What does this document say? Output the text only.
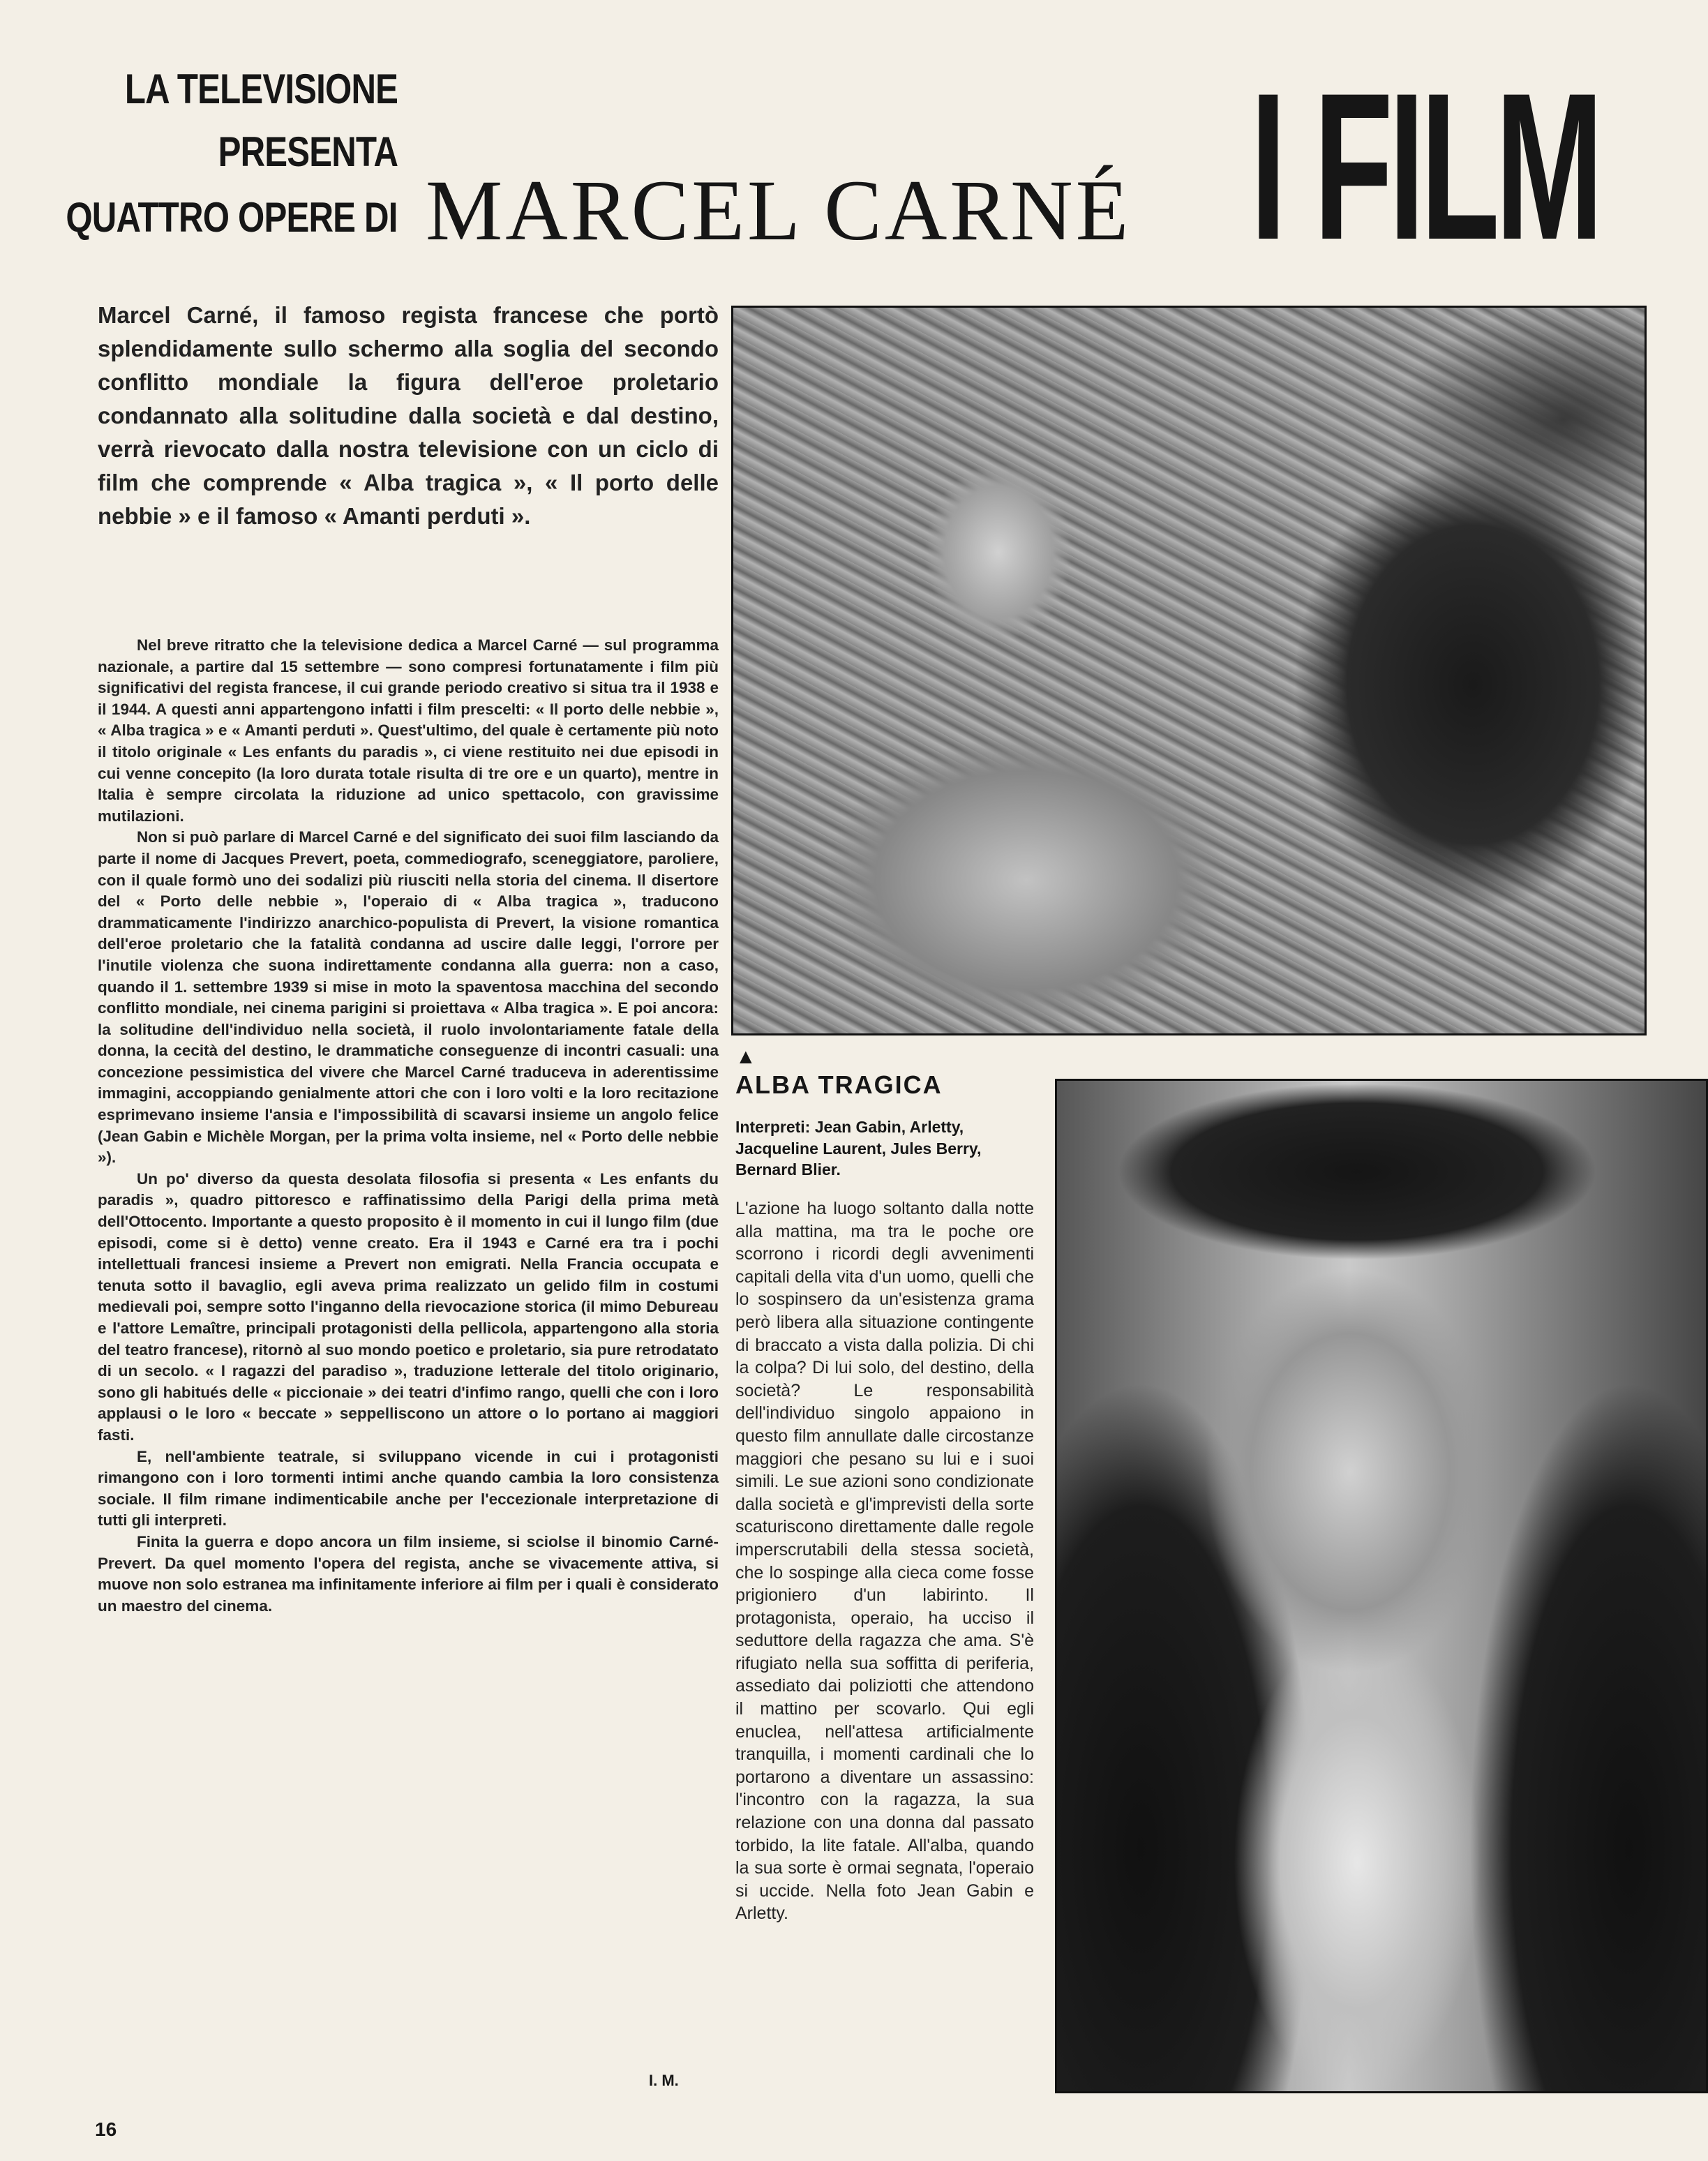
LA TELEVISIONE
PRESENTA
QUATTRO OPERE DI MARCEL CARNÉ I FILM
Marcel Carné, il famoso regista francese che portò splendidamente sullo schermo alla soglia del secondo conflitto mondiale la figura dell'eroe proletario condannato alla solitudine dalla società e dal destino, verrà rievocato dalla nostra televisione con un ciclo di film che comprende « Alba tragica », « Il porto delle nebbie » e il famoso « Amanti perduti ».

Nel breve ritratto che la televisione dedica a Marcel Carné — sul programma nazionale, a partire dal 15 settembre — sono compresi fortunatamente i film più significativi del regista francese, il cui grande periodo creativo si situa tra il 1938 e il 1944. A questi anni appartengono infatti i film prescelti: « Il porto delle nebbie », « Alba tragica » e « Amanti perduti ». Quest'ultimo, del quale è certamente più noto il titolo originale « Les enfants du paradis », ci viene restituito nei due episodi in cui venne concepito (la loro durata totale risulta di tre ore e un quarto), mentre in Italia è sempre circolata la riduzione ad unico spettacolo, con gravissime mutilazioni.

Non si può parlare di Marcel Carné e del significato dei suoi film lasciando da parte il nome di Jacques Prevert, poeta, commediografo, sceneggiatore, paroliere, con il quale formò uno dei sodalizi più riusciti nella storia del cinema. Il disertore del « Porto delle nebbie », l'operaio di « Alba tragica », traducono drammaticamente l'indirizzo anarchico-populista di Prevert, la visione romantica dell'eroe proletario che la fatalità condanna ad uscire dalle leggi, l'orrore per l'inutile violenza che suona indirettamente condanna alla guerra: non a caso, quando il 1. settembre 1939 si mise in moto la spaventosa macchina del secondo conflitto mondiale, nei cinema parigini si proiettava « Alba tragica ». E poi ancora: la solitudine dell'individuo nella società, il ruolo involontariamente fatale della donna, la cecità del destino, le drammatiche conseguenze di incontri casuali: una concezione pessimistica del vivere che Marcel Carné traduceva in aderentissime immagini, accoppiando genialmente attori che con i loro volti e la loro recitazione esprimevano insieme l'ansia e l'impossibilità di scavarsi insieme un angolo felice (Jean Gabin e Michèle Morgan, per la prima volta insieme, nel « Porto delle nebbie »).

Un po' diverso da questa desolata filosofia si presenta « Les enfants du paradis », quadro pittoresco e raffinatissimo della Parigi della prima metà dell'Ottocento. Importante a questo proposito è il momento in cui il lungo film (due episodi, come si è detto) venne creato. Era il 1943 e Carné era tra i pochi intellettuali francesi insieme a Prevert non emigrati. Nella Francia occupata e tenuta sotto il bavaglio, egli aveva prima realizzato un gelido film in costumi medievali poi, sempre sotto l'inganno della rievocazione storica (il mimo Debureau e l'attore Lemaître, principali protagonisti della pellicola, appartengono alla storia del teatro francese), ritornò al suo mondo poetico e proletario, sia pure retrodatato di un secolo. « I ragazzi del paradiso », traduzione letterale del titolo originario, sono gli habitués delle « piccionaie » dei teatri d'infimo rango, quelli che con i loro applausi o le loro « beccate » seppelliscono un attore o lo portano ai maggiori fasti.

E, nell'ambiente teatrale, si sviluppano vicende in cui i protagonisti rimangono con i loro tormenti intimi anche quando cambia la loro consistenza sociale. Il film rimane indimenticabile anche per l'eccezionale interpretazione di tutti gli interpreti.

Finita la guerra e dopo ancora un film insieme, si sciolse il binomio Carné-Prevert. Da quel momento l'opera del regista, anche se vivacemente attiva, si muove non solo estranea ma infinitamente inferiore ai film per i quali è considerato un maestro del cinema.

I. M.
16
▲
ALBA TRAGICA
Interpreti: Jean Gabin, Arletty, Jacqueline Laurent, Jules Berry, Bernard Blier.
L'azione ha luogo soltanto dalla notte alla mattina, ma tra le poche ore scorrono i ricordi degli avvenimenti capitali della vita d'un uomo, quelli che lo sospinsero da un'esistenza grama però libera alla situazione contingente di braccato a vista dalla polizia. Di chi la colpa? Di lui solo, del destino, della società? Le responsabilità dell'individuo singolo appaiono in questo film annullate dalle circostanze maggiori che pesano su lui e i suoi simili. Le sue azioni sono condizionate dalla società e gl'imprevisti della sorte scaturiscono direttamente dalle regole imperscrutabili della stessa società, che lo sospinge alla cieca come fosse prigioniero d'un labirinto. Il protagonista, operaio, ha ucciso il seduttore della ragazza che ama. S'è rifugiato nella sua soffitta di periferia, assediato dai poliziotti che attendono il mattino per scovarlo. Qui egli enuclea, nell'attesa artificialmente tranquilla, i momenti cardinali che lo portarono a diventare un assassino: l'incontro con la ragazza, la sua relazione con una donna dal passato torbido, la lite fatale. All'alba, quando la sua sorte è ormai segnata, l'operaio si uccide. Nella foto Jean Gabin e Arletty.
